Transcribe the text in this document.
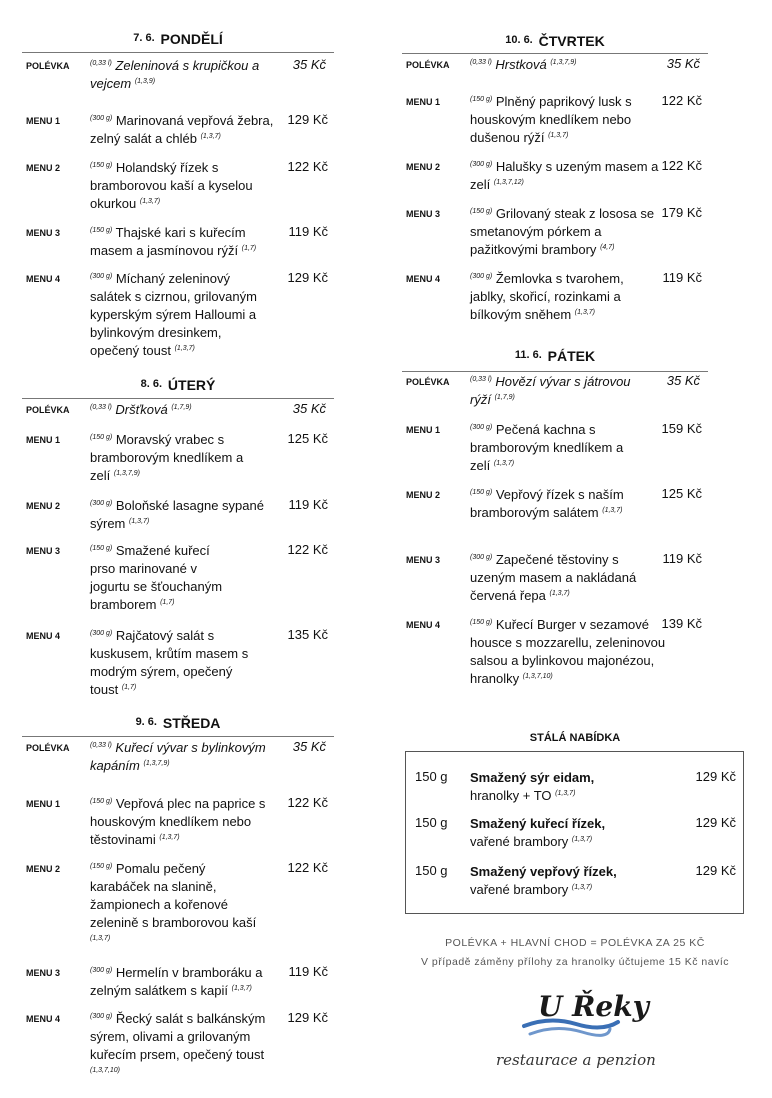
$^{7. 6.}$ PONDĚLÍ
POLÉVKA	$^{(0,33 l)}$ Zeleninová s krupičkou a vejcem $^{(1,3,9)}$
35 Kč
MENU 1	$^{(300 g)}$ Marinovaná vepřová žebra, zelný salát a chléb $^{(1,3,7)}$
129 Kč
MENU 2	$^{(150 g)}$ Holandský řízek s bramborovou kaší a kyselou okurkou $^{(1,3,7)}$
122 Kč
MENU 3	$^{(150 g)}$ Thajské kari s kuřecím masem a jasmínovou rýží $^{(1,7)}$
119 Kč
MENU 4	$^{(300 g)}$ Míchaný zeleninový salátek s cizrnou, grilovaným kyperským sýrem Halloumi a bylinkovým dresinkem, opečený toust $^{(1,3,7)}$
129 Kč
$^{8. 6.}$ ÚTERÝ
POLÉVKA	$^{(0,33 l)}$ Dršťková $^{(1,7,9)}$	35 Kč
MENU 1	$^{(150 g)}$ Moravský vrabec s bramborovým knedlíkem a zelí $^{(1,3,7,9)}$
125 Kč
MENU 2	$^{(300 g)}$ Boloňské lasagne sypané sýrem $^{(1,3,7)}$
119 Kč
MENU 3	$^{(150 g)}$ Smažené kuřecí prso marinované v jogurtu se šťouchaným bramborem $^{(1,7)}$
122 Kč
MENU 4	$^{(300 g)}$ Rajčatový salát s kuskusem, krůtím masem s modrým sýrem, opečený toust $^{(1,7)}$
135 Kč
$^{9. 6.}$ STŘEDA
POLÉVKA	$^{(0,33 l)}$ Kuřecí vývar s bylinkovým kapáním $^{(1,3,7,9)}$
35 Kč
MENU 1	$^{(150 g)}$ Vepřová plec na paprice s houskovým knedlíkem nebo těstovinami $^{(1,3,7)}$
122 Kč
MENU 2	$^{(150 g)}$ Pomalu pečený karabáček na slanině, žampionech a kořenové zelenině s bramborovou kaší $^{(1,3,7)}$
122 Kč
MENU 3	$^{(300 g)}$ Hermelín v bramboráku a zelným salátkem s kapií $^{(1,3,7)}$
119 Kč
MENU 4	$^{(300 g)}$ Řecký salát s balkánským sýrem, olivami a grilovaným kuřecím prsem, opečený toust $^{(1,3,7,10)}$
129 Kč
$^{10. 6.}$ ČTVRTEK
POLÉVKA	$^{(0,33 l)}$ Hrstková $^{(1,3,7,9)}$	35 Kč
MENU 1	$^{(150 g)}$ Plněný paprikový lusk s houskovým knedlíkem nebo dušenou rýží $^{(1,3,7)}$
122 Kč
MENU 2	$^{(300 g)}$ Halušky s uzeným masem a zelí $^{(1,3,7,12)}$
122 Kč
MENU 3	$^{(150 g)}$ Grilovaný steak z lososa se smetanovým pórkem a pažitkovými brambory $^{(4,7)}$
179 Kč
MENU 4	$^{(300 g)}$ Žemlovka s tvarohem, jablky, skořicí, rozinkami a bílkovým sněhem $^{(1,3,7)}$
119 Kč
$^{11. 6.}$ PÁTEK
POLÉVKA	$^{(0,33 l)}$ Hovězí vývar s játrovou rýží $^{(1,7,9)}$
35 Kč
MENU 1	$^{(300 g)}$ Pečená kachna s bramborovým knedlíkem a zelí $^{(1,3,7)}$
159 Kč
MENU 2	$^{(150 g)}$ Vepřový řízek s naším bramborovým salátem $^{(1,3,7)}$
125 Kč
MENU 3	$^{(300 g)}$ Zapečené těstoviny s uzeným masem a nakládaná červená řepa $^{(1,3,7)}$
119 Kč
MENU 4	$^{(150 g)}$ Kuřecí Burger v sezamové housce s mozzarellu, zeleninovou salsou a bylinkovou majonézou, hranolky $^{(1,3,7,10)}$
139 Kč
STÁLÁ NABÍDKA
150 g Smažený sýr eidam,
hranolky + TO $^{(1,3,7)}$
129 Kč
150 g Smažený kuřecí řízek,
vařené brambory $^{(1,3,7)}$
129 Kč
150 g Smažený vepřový řízek,
vařené brambory $^{(1,3,7)}$
129 Kč
POLÉVKA + HLAVNÍ CHOD = POLÉVKA ZA 25 KČ
V případě záměny přílohy za hranolky účtujeme 15 Kč navíc
U Řeky
restaurace a penzion
